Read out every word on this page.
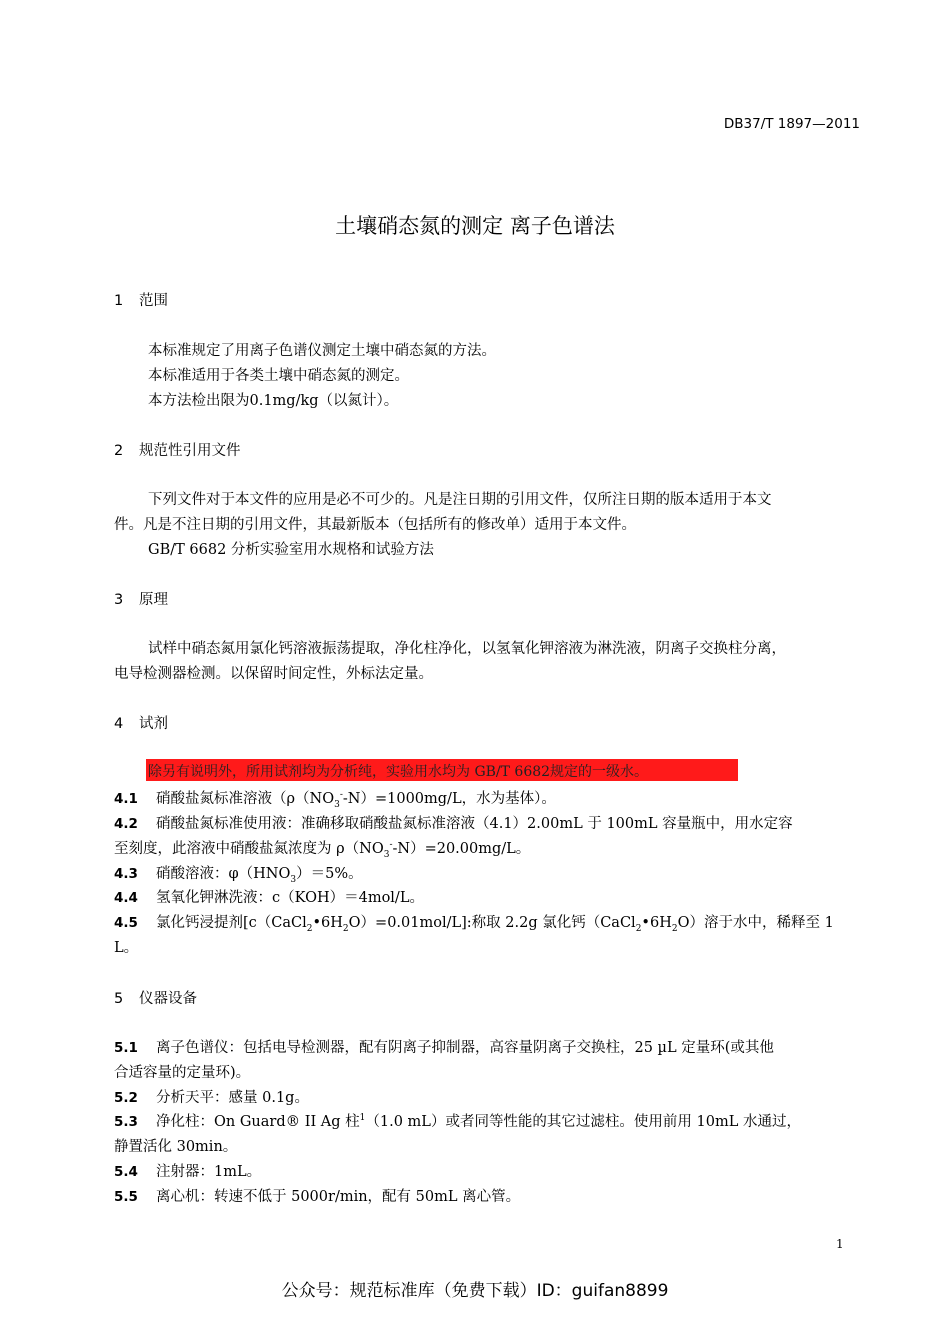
DB37/T 1897—2011
土壤硝态氮的测定 离子色谱法
1 范围
本标准规定了用离子色谱仪测定土壤中硝态氮的方法。
本标准适用于各类土壤中硝态氮的测定。
本方法检出限为0.1mg/kg（以氮计）。
2 规范性引用文件
下列文件对于本文件的应用是必不可少的。凡是注日期的引用文件，仅所注日期的版本适用于本文
件。凡是不注日期的引用文件，其最新版本（包括所有的修改单）适用于本文件。
GB/T 6682 分析实验室用水规格和试验方法
3 原理
试样中硝态氮用氯化钙溶液振荡提取，净化柱净化，以氢氧化钾溶液为淋洗液，阴离子交换柱分离，
电导检测器检测。以保留时间定性，外标法定量。
4 试剂
除另有说明外，所用试剂均为分析纯，实验用水均为 GB/T 6682规定的一级水。
4.1 硝酸盐氮标准溶液（$\rho(NO_3^--N)=1000mg/L$，水为基体）。
4.2 硝酸盐氮标准使用液：准确移取硝酸盐氮标准溶液（4.1）2.00mL 于 100mL 容量瓶中，用水定容
至刻度，此溶液中硝酸盐氮浓度为 $\rho(NO_3^--N)=20.00mg/L$。
4.3 硝酸溶液：$\varphi(HNO_3)=5\%$。
4.4 氢氧化钾淋洗液：c（KOH）＝4mol/L。
4.5 氯化钙浸提剂$[c(CaCl_2•6H_2O)=0.01mol/L]$:称取 2.2g 氯化钙$(CaCl_2•6H_2O)$溶于水中，稀释至 1
L。
5 仪器设备
5.1 离子色谱仪：包括电导检测器，配有阴离子抑制器，高容量阴离子交换柱，25 µL 定量环(或其他
合适容量的定量环)。
5.2 分析天平：感量 0.1g。
5.3 净化柱：On Guard® II Ag 柱$^1$（1.0 mL）或者同等性能的其它过滤柱。使用前用 10mL 水通过，
静置活化 30min。
5.4 注射器：1mL。
5.5 离心机：转速不低于 5000r/min，配有 50mL 离心管。
1
公众号：规范标准库（免费下载）ID：guifan8899
